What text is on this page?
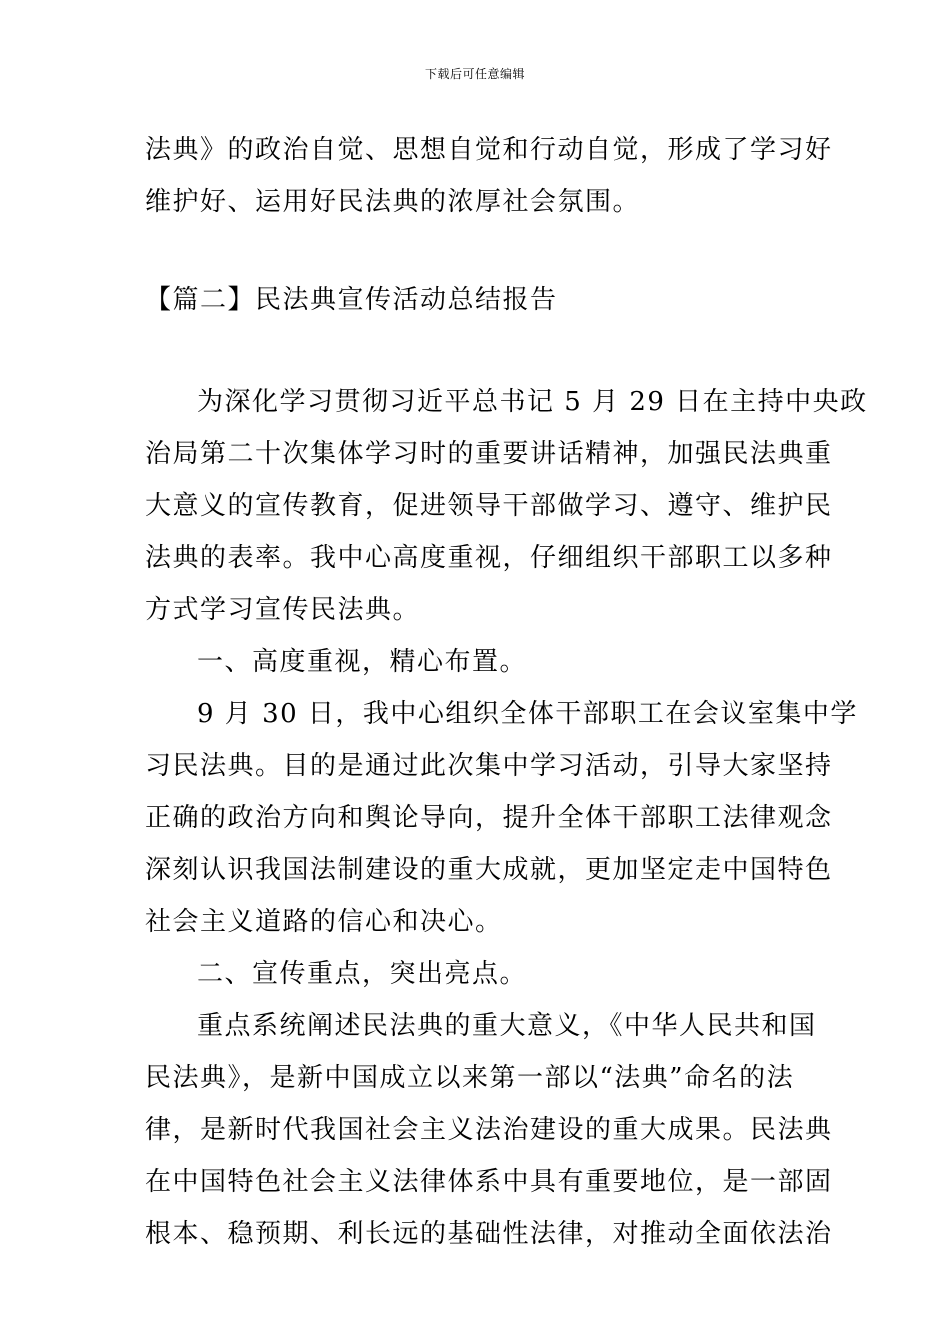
下载后可任意编辑
法典》的政治自觉、思想自觉和行动自觉，形成了学习好
维护好、运用好民法典的浓厚社会氛围。
【篇二】民法典宣传活动总结报告
为深化学习贯彻习近平总书记 5 月 29 日在主持中央政
治局第二十次集体学习时的重要讲话精神，加强民法典重
大意义的宣传教育，促进领导干部做学习、遵守、维护民
法典的表率。我中心高度重视，仔细组织干部职工以多种
方式学习宣传民法典。
一、高度重视，精心布置。
9 月 30 日，我中心组织全体干部职工在会议室集中学
习民法典。目的是通过此次集中学习活动，引导大家坚持
正确的政治方向和舆论导向，提升全体干部职工法律观念
深刻认识我国法制建设的重大成就，更加坚定走中国特色
社会主义道路的信心和决心。
二、宣传重点，突出亮点。
重点系统阐述民法典的重大意义，《中华人民共和国
民法典》，是新中国成立以来第一部以“法典”命名的法
律，是新时代我国社会主义法治建设的重大成果。民法典
在中国特色社会主义法律体系中具有重要地位，是一部固
根本、稳预期、利长远的基础性法律，对推动全面依法治
